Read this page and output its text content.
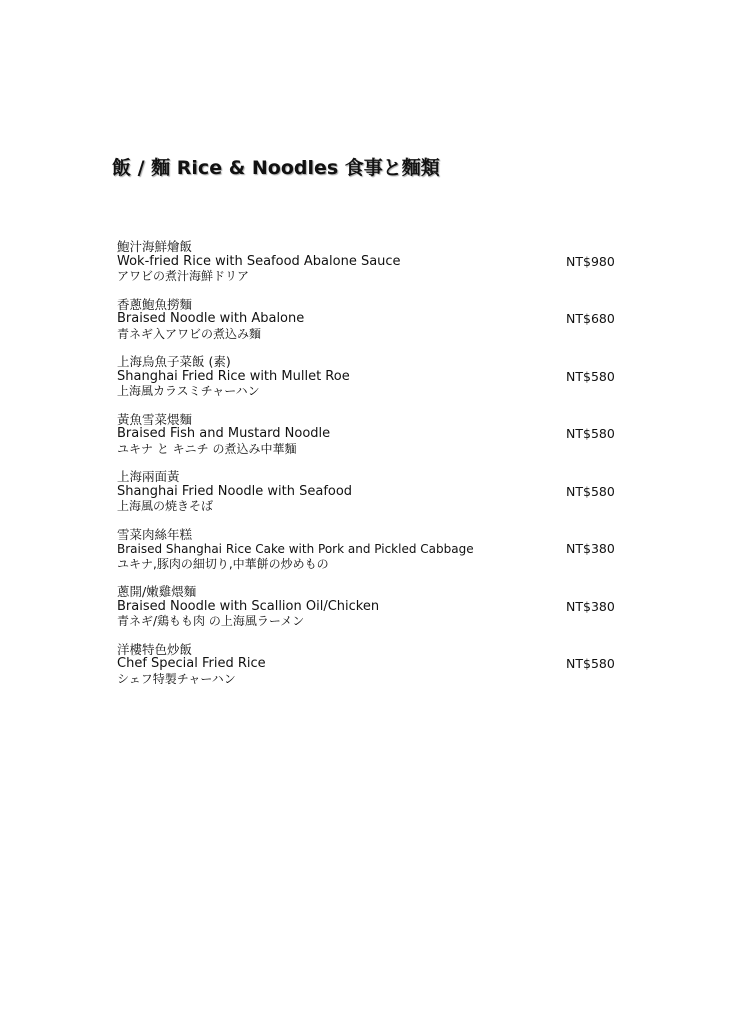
飯 / 麵 Rice & Noodles 食事と麵類
鮑汁海鮮燴飯
Wok-fried Rice with Seafood Abalone Sauce
アワビの煮汁海鮮ドリア
NT$980
香蔥鮑魚撈麵
Braised Noodle with Abalone
青ネギ入アワビの煮込み麵
NT$680
上海烏魚子菜飯 (素)
Shanghai Fried Rice with Mullet Roe
上海風カラスミチャーハン
NT$580
黃魚雪菜煨麵
Braised Fish and Mustard Noodle
ユキナ と キニチ の煮込み中華麵
NT$580
上海兩面黃
Shanghai Fried Noodle with Seafood
上海風の焼きそば
NT$580
雪菜肉絲年糕
Braised Shanghai Rice Cake with Pork and Pickled Cabbage
ユキナ,豚肉の細切り,中華餅の炒めもの
NT$380
蔥開/嫩雞煨麵
Braised Noodle with Scallion Oil/Chicken
青ネギ/鶏もも肉 の上海風ラーメン
NT$380
洋樓特色炒飯
Chef Special Fried Rice
シェフ特製チャーハン
NT$580
